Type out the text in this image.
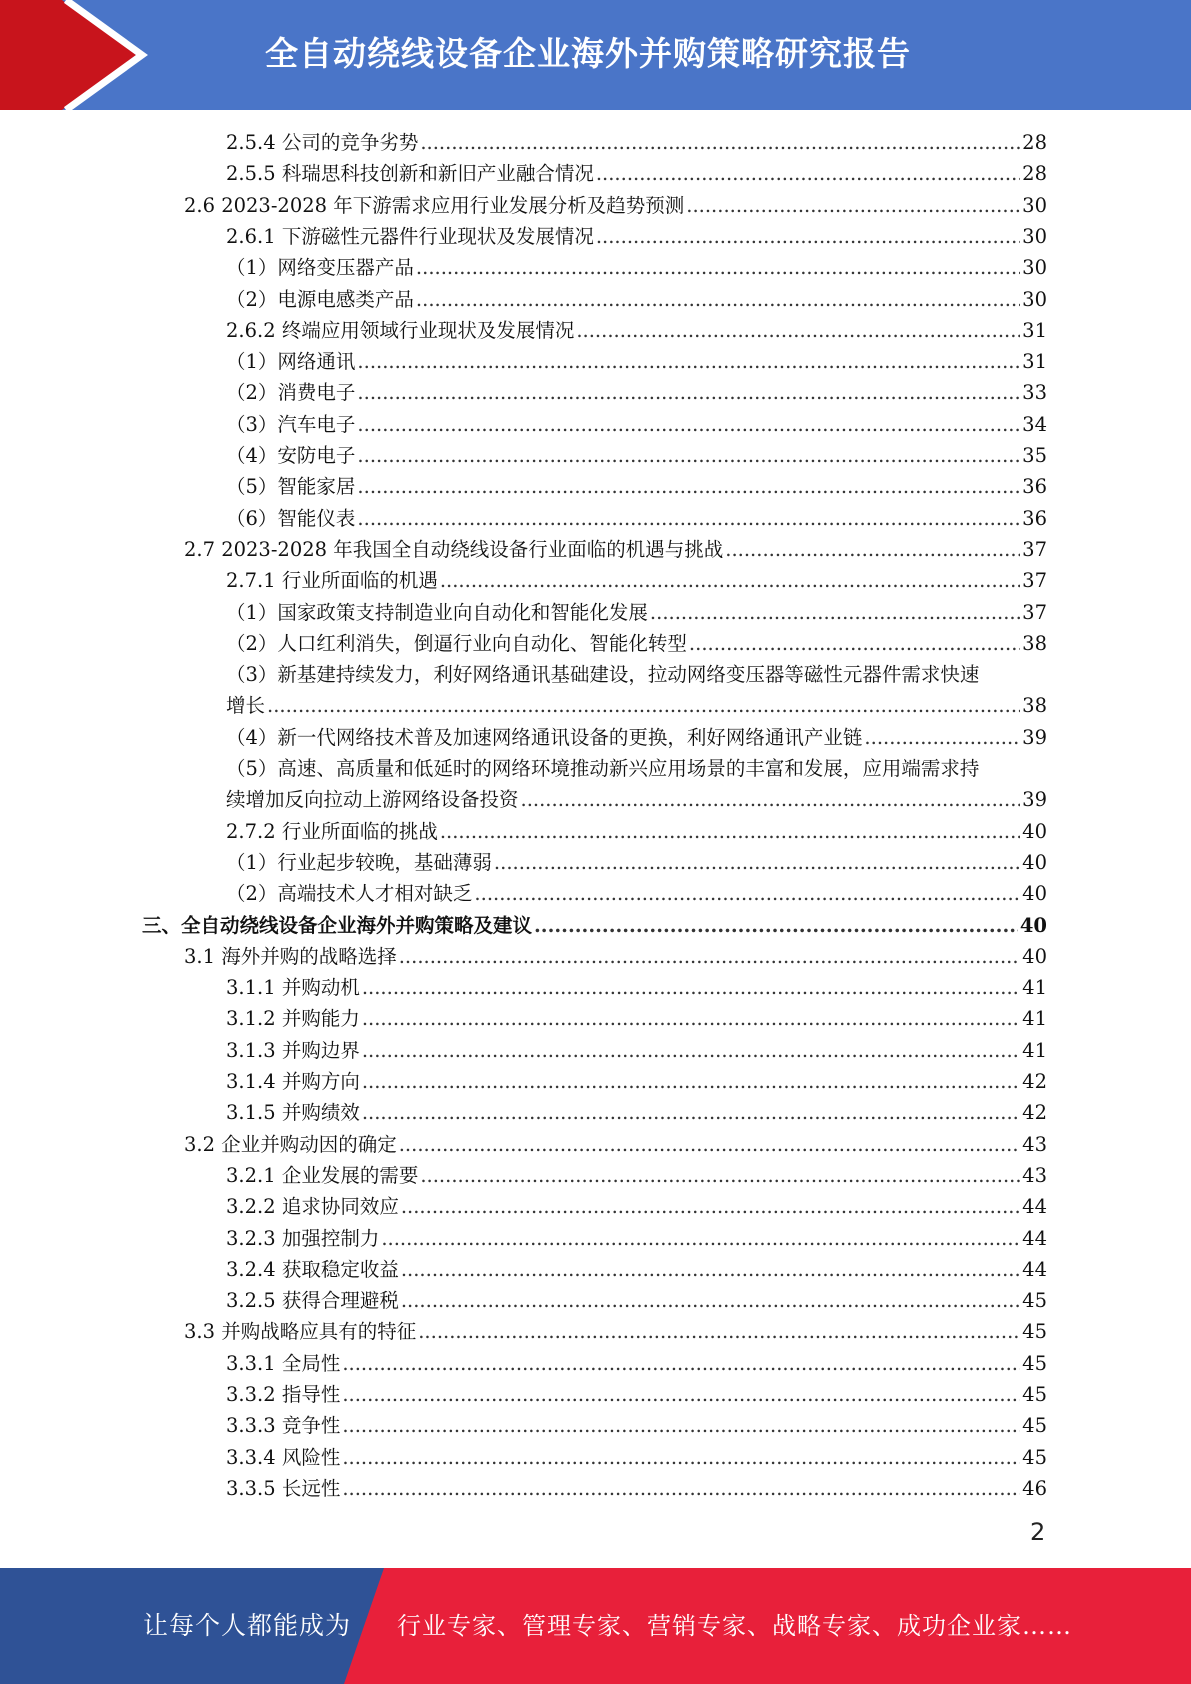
全自动绕线设备企业海外并购策略研究报告
2.5.4 公司的竞争劣势 .....	28
2.5.5 科瑞思科技创新和新旧产业融合情况 .....	28
2.6 2023-2028 年下游需求应用行业发展分析及趋势预测 .....	30
2.6.1 下游磁性元器件行业现状及发展情况 .....	30
（1）网络变压器产品 .....	30
（2）电源电感类产品 .....	30
2.6.2 终端应用领域行业现状及发展情况 .....	31
（1）网络通讯 .....	31
（2）消费电子 .....	33
（3）汽车电子 .....	34
（4）安防电子 .....	35
（5）智能家居 .....	36
（6）智能仪表 .....	36
2.7 2023-2028 年我国全自动绕线设备行业面临的机遇与挑战 .....	37
2.7.1 行业所面临的机遇 .....	37
（1）国家政策支持制造业向自动化和智能化发展 .....	37
（2）人口红利消失，倒逼行业向自动化、智能化转型 .....	38
（3）新基建持续发力，利好网络通讯基础建设，拉动网络变压器等磁性元器件需求快速
增长 .....	38
（4）新一代网络技术普及加速网络通讯设备的更换，利好网络通讯产业链 .....	39
（5）高速、高质量和低延时的网络环境推动新兴应用场景的丰富和发展，应用端需求持
续增加反向拉动上游网络设备投资 .....	39
2.7.2 行业所面临的挑战 .....	40
（1）行业起步较晚，基础薄弱 .....	40
（2）高端技术人才相对缺乏 .....	40
三、全自动绕线设备企业海外并购策略及建议 .....	40
3.1 海外并购的战略选择 .....	40
3.1.1 并购动机 .....	41
3.1.2 并购能力 .....	41
3.1.3 并购边界 .....	41
3.1.4 并购方向 .....	42
3.1.5 并购绩效 .....	42
3.2 企业并购动因的确定 .....	43
3.2.1 企业发展的需要 .....	43
3.2.2 追求协同效应 .....	44
3.2.3 加强控制力 .....	44
3.2.4 获取稳定收益 .....	44
3.2.5 获得合理避税 .....	45
3.3 并购战略应具有的特征 .....	45
3.3.1 全局性 .....	45
3.3.2 指导性 .....	45
3.3.3 竞争性 .....	45
3.3.4 风险性 .....	45
3.3.5 长远性 .....	46
2
让每个人都能成为 行业专家、管理专家、营销专家、战略专家、成功企业家……
